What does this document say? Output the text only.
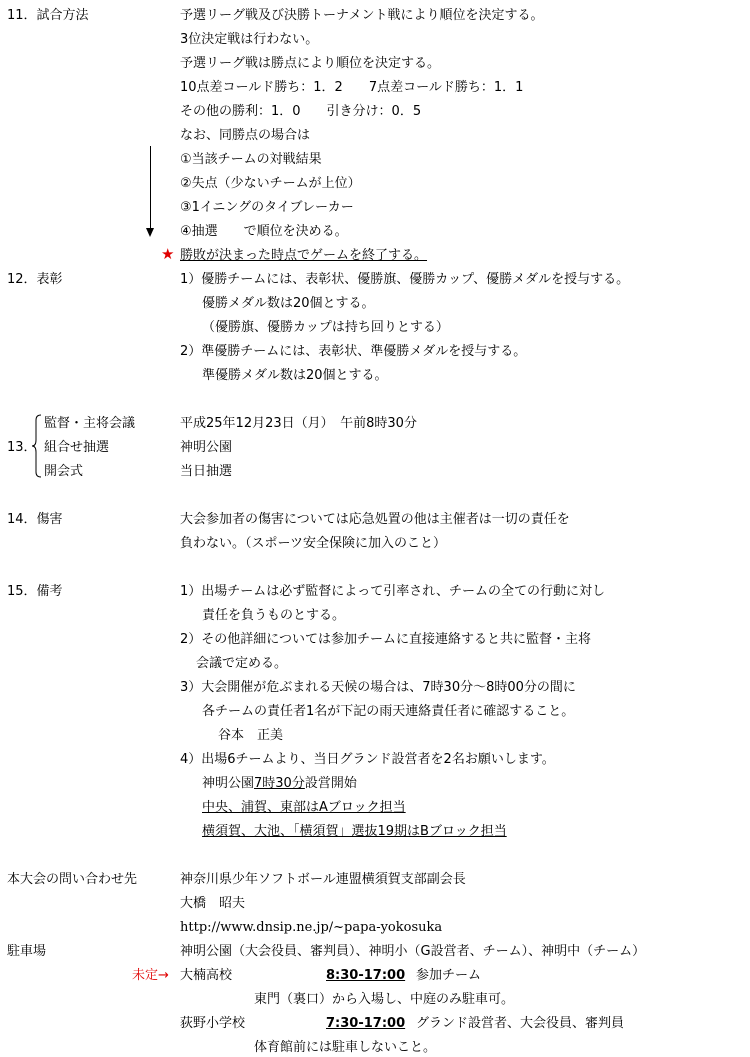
11．試合方法	予選リーグ戦及び決勝トーナメント戦により順位を決定する。
3位決定戦は行わない。
予選リーグ戦は勝点により順位を決定する。
10点差コールド勝ち：1．2　　7点差コールド勝ち：1．1
その他の勝利：1．0　　引き分け：0．5
なお、同勝点の場合は
①当該チームの対戦結果
②失点（少ないチームが上位）
③1イニングのタイブレーカー
④抽選　　で順位を決める。
★ 勝敗が決まった時点でゲームを終了する。
12．表彰	1）優勝チームには、表彰状、優勝旗、優勝カップ、優勝メダルを授与する。
優勝メダル数は20個とする。
（優勝旗、優勝カップは持ち回りとする）
2）準優勝チームには、表彰状、準優勝メダルを授与する。
準優勝メダル数は20個とする。
13．
監督・主将会議	平成25年12月23日（月）　午前8時30分
組合せ抽選	神明公園
開会式	当日抽選
14．傷害	大会参加者の傷害については応急処置の他は主催者は一切の責任を
負わない。（スポーツ安全保険に加入のこと）
15．備考	1）出場チームは必ず監督によって引率され、チームの全ての行動に対し
責任を負うものとする。
2）その他詳細については参加チームに直接連絡すると共に監督・主将
会議で定める。
3）大会開催が危ぶまれる天候の場合は、7時30分～8時00分の間に
各チームの責任者1名が下記の雨天連絡責任者に確認すること。
谷本　正美
4）出場6チームより、当日グランド設営者を2名お願いします。
神明公園7時30分設営開始
中央、浦賀、東部はAブロック担当
横須賀、大池、「横須賀」選抜19期はBブロック担当
本大会の問い合わせ先	神奈川県少年ソフトボール連盟横須賀支部副会長
大橋　昭夫
http://www.dnsip.ne.jp/~papa-yokosuka
駐車場	神明公園（大会役員、審判員）、神明小（G設営者、チーム）、神明中（チーム）
未定→ 大楠高校	8:30-17:00 参加チーム
東門（裏口）から入場し、中庭のみ駐車可。
荻野小学校	7:30-17:00 グランド設営者、大会役員、審判員
体育館前には駐車しないこと。
